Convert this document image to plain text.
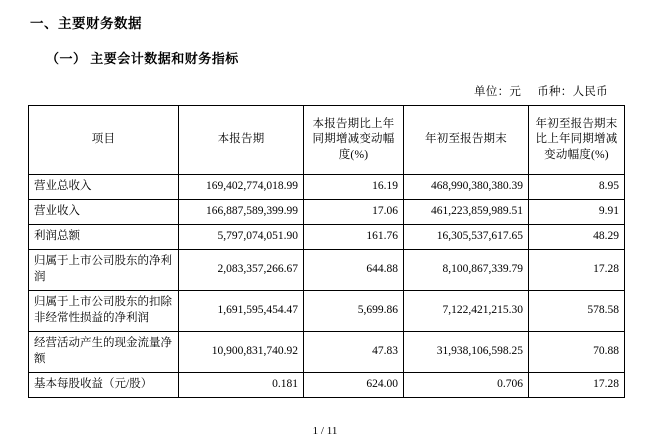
一、主要财务数据
（一） 主要会计数据和财务指标
单位：元 币种：人民币
项目	本报告期	本报告期比上年同期增减变动幅度(%)	年初至报告期末	年初至报告期末比上年同期增减变动幅度(%)
营业总收入	169,402,774,018.99	16.19	468,990,380,380.39	8.95
营业收入	166,887,589,399.99	17.06	461,223,859,989.51	9.91
利润总额	5,797,074,051.90	161.76	16,305,537,617.65	48.29
归属于上市公司股东的净利润	2,083,357,266.67	644.88	8,100,867,339.79	17.28
归属于上市公司股东的扣除非经常性损益的净利润	1,691,595,454.47	5,699.86	7,122,421,215.30	578.58
经营活动产生的现金流量净额	10,900,831,740.92	47.83	31,938,106,598.25	70.88
基本每股收益（元/股）	0.181	624.00	0.706	17.28
1 / 11
